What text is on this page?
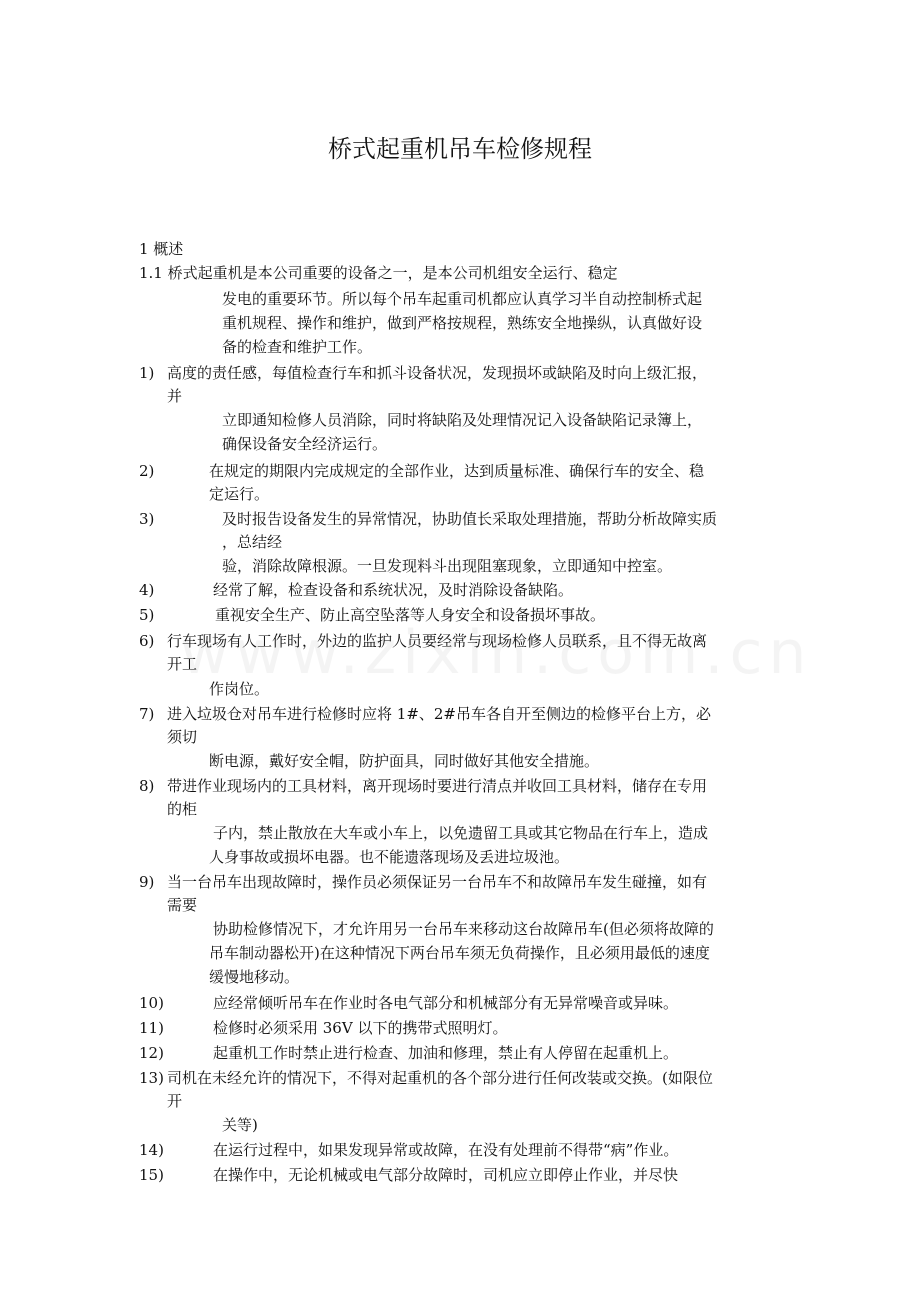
桥式起重机吊车检修规程
1 概述
1.1 桥式起重机是本公司重要的设备之一，是本公司机组安全运行、稳定
发电的重要环节。所以每个吊车起重司机都应认真学习半自动控制桥式起
重机规程、操作和维护，做到严格按规程，熟练安全地操纵，认真做好设
备的检查和维护工作。
1) 高度的责任感，每值检查行车和抓斗设备状况，发现损坏或缺陷及时向上级汇报，
并
立即通知检修人员消除，同时将缺陷及处理情况记入设备缺陷记录簿上，
确保设备安全经济运行。
2)	在规定的期限内完成规定的全部作业，达到质量标准、确保行车的安全、稳
定运行。
3)	及时报告设备发生的异常情况，协助值长采取处理措施，帮助分析故障实质
，总结经
验，消除故障根源。一旦发现料斗出现阻塞现象，立即通知中控室。
4)	经常了解，检查设备和系统状况，及时消除设备缺陷。
5)	重视安全生产、防止高空坠落等人身安全和设备损坏事故。
6) 行车现场有人工作时，外边的监护人员要经常与现场检修人员联系，且不得无故离
开工
作岗位。
7) 进入垃圾仓对吊车进行检修时应将 1#、2#吊车各自开至侧边的检修平台上方，必
须切
断电源，戴好安全帽，防护面具，同时做好其他安全措施。
8) 带进作业现场内的工具材料，离开现场时要进行清点并收回工具材料，储存在专用
的柜
子内，禁止散放在大车或小车上，以免遗留工具或其它物品在行车上，造成
人身事故或损坏电器。也不能遗落现场及丢进垃圾池。
9) 当一台吊车出现故障时，操作员必须保证另一台吊车不和故障吊车发生碰撞，如有
需要
协助检修情况下，才允许用另一台吊车来移动这台故障吊车(但必须将故障的
吊车制动器松开)在这种情况下两台吊车须无负荷操作，且必须用最低的速度
缓慢地移动。
10)	应经常倾听吊车在作业时各电气部分和机械部分有无异常噪音或异味。
11)	检修时必须采用 36V 以下的携带式照明灯。
12)	起重机工作时禁止进行检查、加油和修理，禁止有人停留在起重机上。
13) 司机在未经允许的情况下，不得对起重机的各个部分进行任何改装或交换。(如限位
开
关等)
14)	在运行过程中，如果发现异常或故障，在没有处理前不得带“病”作业。
15)	在操作中，无论机械或电气部分故障时，司机应立即停止作业，并尽快
